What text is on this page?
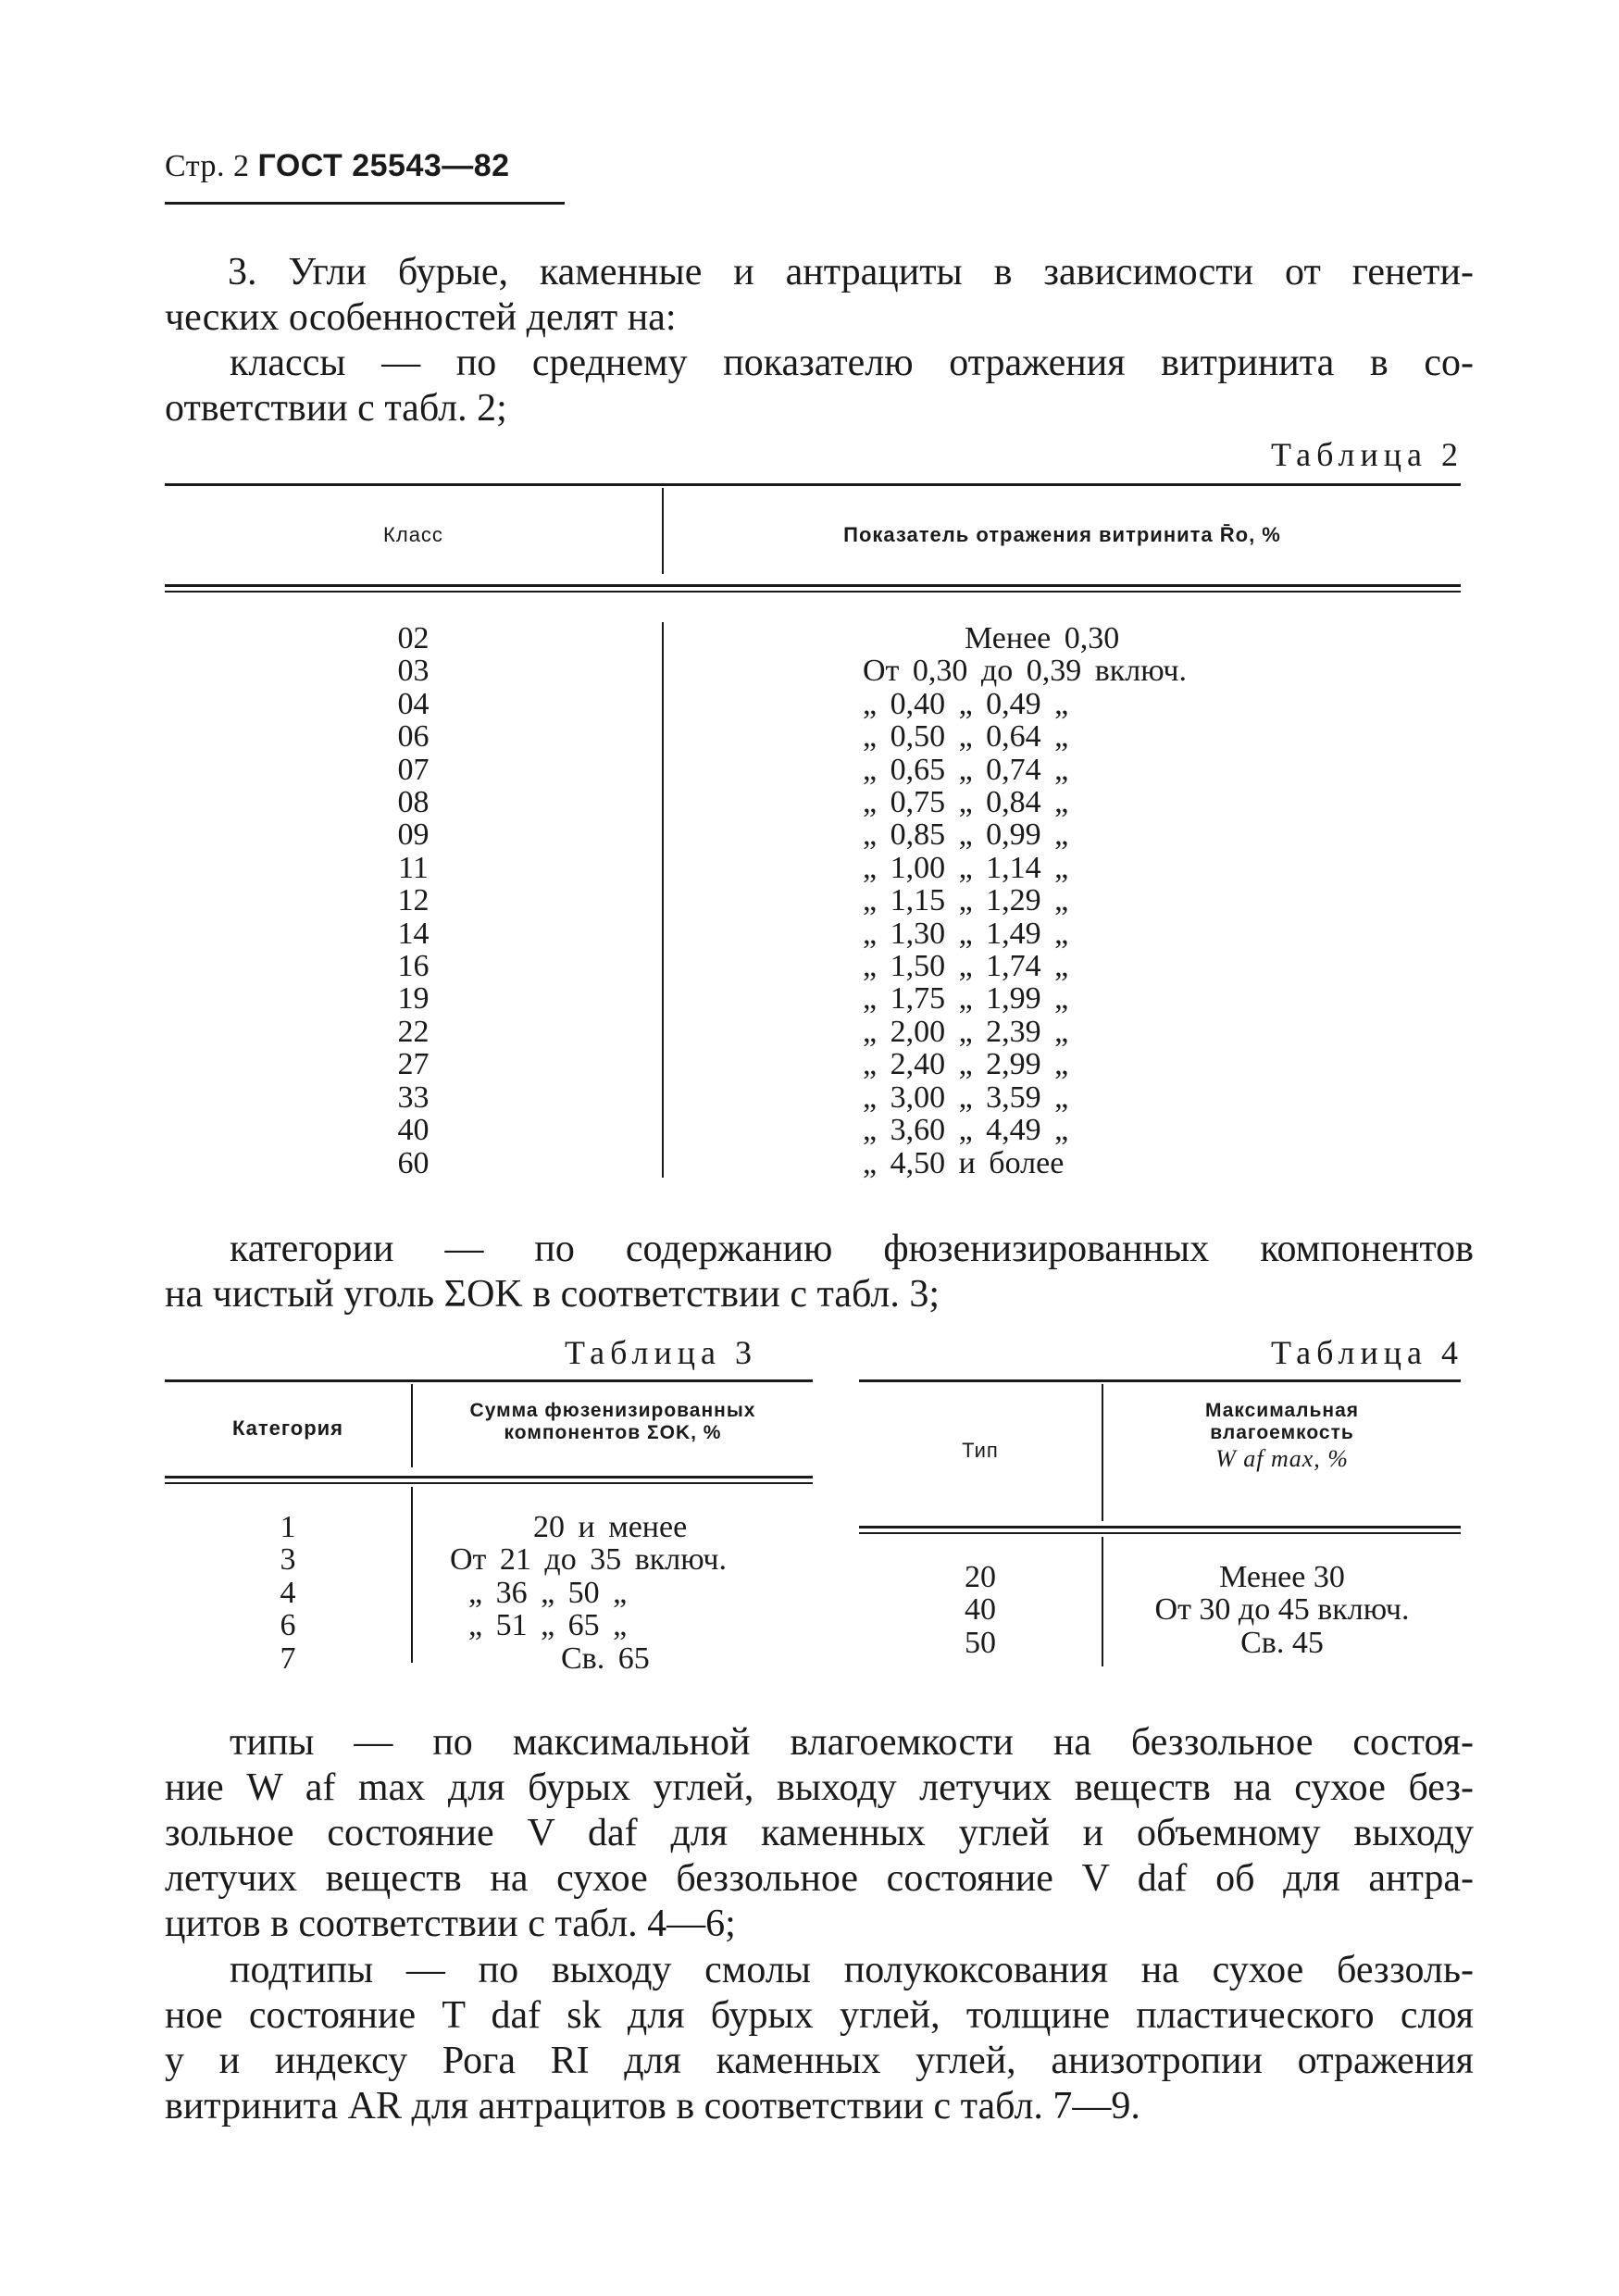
Стр. 2 ГОСТ 25543—82
3. Угли бурые, каменные и антрациты в зависимости от генети-
ческих особенностей делят на:
классы — по среднему показателю отражения витринита в со-
ответствии с табл. 2;
Таблица 2
Класс	Показатель отражения витринита R̄o, %
02
03
04
06
07
08
09
11
12
14
16
19
22
27
33
40
60
Менее 0,30
От 0,30 до 0,39 включ.
„ 0,40 „ 0,49 „
„ 0,50 „ 0,64 „
„ 0,65 „ 0,74 „
„ 0,75 „ 0,84 „
„ 0,85 „ 0,99 „
„ 1,00 „ 1,14 „
„ 1,15 „ 1,29 „
„ 1,30 „ 1,49 „
„ 1,50 „ 1,74 „
„ 1,75 „ 1,99 „
„ 2,00 „ 2,39 „
„ 2,40 „ 2,99 „
„ 3,00 „ 3,59 „
„ 3,60 „ 4,49 „
„ 4,50 и более
категории — по содержанию фюзенизированных компонентов
на чистый уголь ΣOK в соответствии с табл. 3;
Таблица 3
Категория
Сумма фюзенизированных
компонентов ΣOK, %
1
3
4
6
7
20 и менее
От 21 до 35 включ.
„ 36 „ 50 „
„ 51 „ 65 „
Св. 65
Таблица 4
Тип
Максимальная
влагоемкость
W af max, %
20
40
50
Менее 30
От 30 до 45 включ.
Св. 45
типы — по максимальной влагоемкости на беззольное состоя-
ние W af max для бурых углей, выходу летучих веществ на сухое без-
зольное состояние V daf для каменных углей и объемному выходу
летучих веществ на сухое беззольное состояние V daf об для антра-
цитов в соответствии с табл. 4—6;
подтипы — по выходу смолы полукоксования на сухое беззоль-
ное состояние T daf sk для бурых углей, толщине пластического слоя
y и индексу Рога RI для каменных углей, анизотропии отражения
витринита AR для антрацитов в соответствии с табл. 7—9.
